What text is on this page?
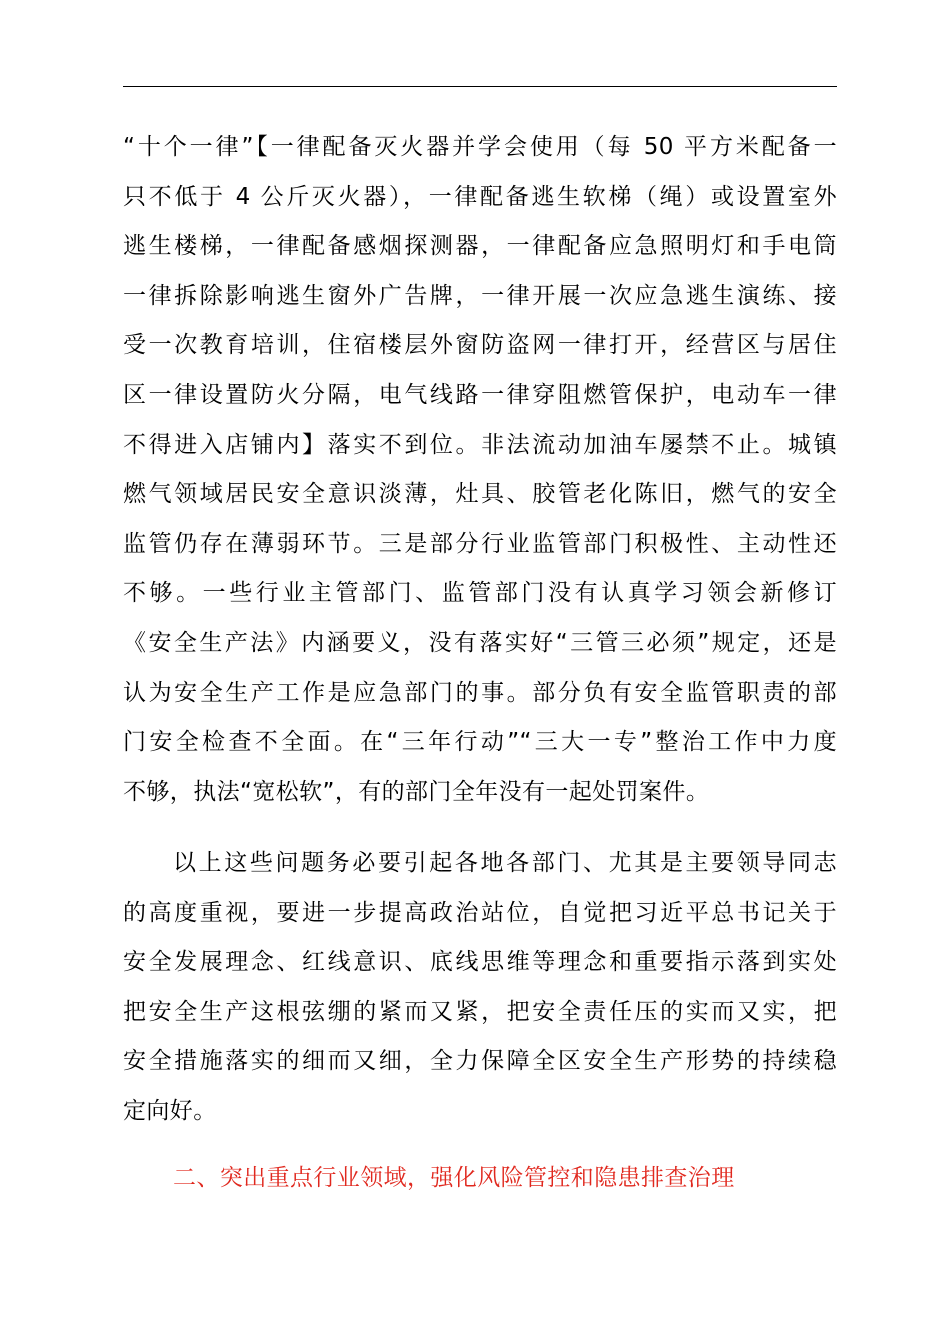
“十个一律”【一律配备灭火器并学会使用（每 50 平方米配备一
只不低于 4 公斤灭火器），一律配备逃生软梯（绳）或设置室外
逃生楼梯，一律配备感烟探测器，一律配备应急照明灯和手电筒
一律拆除影响逃生窗外广告牌，一律开展一次应急逃生演练、接
受一次教育培训，住宿楼层外窗防盗网一律打开，经营区与居住
区一律设置防火分隔，电气线路一律穿阻燃管保护，电动车一律
不得进入店铺内】落实不到位。非法流动加油车屡禁不止。城镇
燃气领域居民安全意识淡薄，灶具、胶管老化陈旧，燃气的安全
监管仍存在薄弱环节。三是部分行业监管部门积极性、主动性还
不够。一些行业主管部门、监管部门没有认真学习领会新修订
《安全生产法》内涵要义，没有落实好“三管三必须”规定，还是
认为安全生产工作是应急部门的事。部分负有安全监管职责的部
门安全检查不全面。在“三年行动”“三大一专”整治工作中力度
不够，执法“宽松软”，有的部门全年没有一起处罚案件。
以上这些问题务必要引起各地各部门、尤其是主要领导同志
的高度重视，要进一步提高政治站位，自觉把习近平总书记关于
安全发展理念、红线意识、底线思维等理念和重要指示落到实处
把安全生产这根弦绷的紧而又紧，把安全责任压的实而又实，把
安全措施落实的细而又细，全力保障全区安全生产形势的持续稳
定向好。
二、突出重点行业领域，强化风险管控和隐患排查治理
